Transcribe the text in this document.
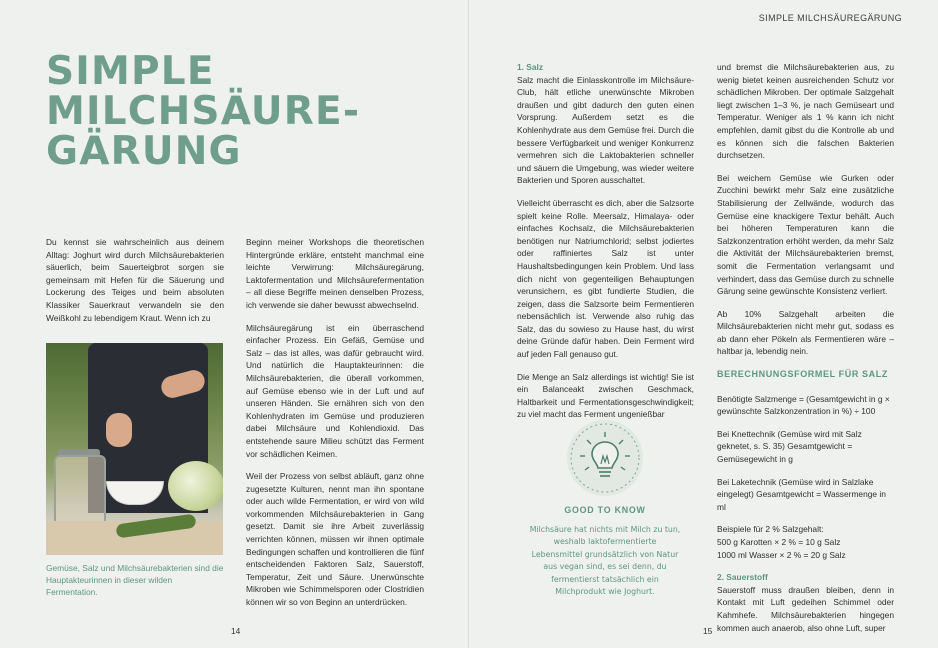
SIMPLE MILCHSÄUREGÄRUNG
SIMPLE
MILCHSÄURE-
GÄRUNG

Du kennst sie wahrscheinlich aus deinem Alltag: Joghurt wird durch Milchsäurebakterien säuerlich, beim Sauerteigbrot sorgen sie gemeinsam mit Hefen für die Säuerung und Lockerung des Teiges und beim absoluten Klassiker Sauerkraut verwandeln sie den Weißkohl zu lebendigem Kraut. Wenn ich zu

Gemüse, Salz und Milchsäurebakterien sind die Hauptakteurinnen in dieser wilden Fermentation.

Beginn meiner Workshops die theoretischen Hintergründe erkläre, entsteht manchmal eine leichte Verwirrung: Milchsäuregärung, Laktofermentation und Milchsäurefermentation – all diese Begriffe meinen denselben Prozess, ich verwende sie daher bewusst abwechselnd.

Milchsäuregärung ist ein überraschend einfacher Prozess. Ein Gefäß, Gemüse und Salz – das ist alles, was dafür gebraucht wird. Und natürlich die Hauptakteurinnen: die Milchsäurebakterien, die überall vorkommen, auf Gemüse ebenso wie in der Luft und auf unseren Händen. Sie ernähren sich von den Kohlenhydraten im Gemüse und produzieren dabei Milchsäure und Kohlendioxid. Das entstehende saure Milieu schützt das Ferment vor schädlichen Keimen.

Weil der Prozess von selbst abläuft, ganz ohne zugesetzte Kulturen, nennt man ihn spontane oder auch wilde Fermentation, er wird von wild vorkommenden Milchsäurebakterien in Gang gesetzt. Damit sie ihre Arbeit zuverlässig verrichten können, müssen wir ihnen optimale Bedingungen schaffen und kontrollieren die fünf entscheidenden Faktoren Salz, Sauerstoff, Temperatur, Zeit und Säure. Unerwünschte Mikroben wie Schimmelsporen oder Clostridien können wir so von Beginn an unterdrücken.

14
1. Salz

Salz macht die Einlasskontrolle im Milchsäure-Club, hält etliche unerwünschte Mikroben draußen und gibt dadurch den guten einen Vorsprung. Außerdem setzt es die Kohlenhydrate aus dem Gemüse frei. Durch die bessere Verfügbarkeit und weniger Konkurrenz vermehren sich die Laktobakterien schneller und säuern die Umgebung, was wieder weitere Bakterien und Sporen ausschaltet.

Vielleicht überrascht es dich, aber die Salzsorte spielt keine Rolle. Meersalz, Himalaya- oder einfaches Kochsalz, die Milchsäurebakterien benötigen nur Natriumchlorid; selbst jodiertes oder raffiniertes Salz ist unter Haushaltsbedingungen kein Problem. Und lass dich nicht von gegenteiligen Behauptungen verunsichern, es gibt fundierte Studien, die zeigen, dass die Salzsorte beim Fermentieren nebensächlich ist. Verwende also ruhig das Salz, das du sowieso zu Hause hast, du wirst deine Gründe dafür haben. Dein Ferment wird auf jeden Fall genauso gut.

Die Menge an Salz allerdings ist wichtig! Sie ist ein Balanceakt zwischen Geschmack, Haltbarkeit und Fermentationsgeschwindigkeit; zu viel macht das Ferment ungenießbar

GOOD TO KNOW

Milchsäure hat nichts mit Milch zu tun, weshalb laktofermentierte Lebensmittel grundsätzlich von Natur aus vegan sind, es sei denn, du fermentierst tatsächlich ein Milchprodukt wie Joghurt.

und bremst die Milchsäurebakterien aus, zu wenig bietet keinen ausreichenden Schutz vor schädlichen Mikroben. Der optimale Salzgehalt liegt zwischen 1–3 %, je nach Gemüseart und Temperatur. Weniger als 1 % kann ich nicht empfehlen, damit gibst du die Kontrolle ab und es können sich die falschen Bakterien durchsetzen.

Bei weichem Gemüse wie Gurken oder Zucchini bewirkt mehr Salz eine zusätzliche Stabilisierung der Zellwände, wodurch das Gemüse eine knackigere Textur behält. Auch bei höheren Temperaturen kann die Salzkonzentration erhöht werden, da mehr Salz die Aktivität der Milchsäurebakterien bremst, somit die Fermentation verlangsamt und verhindert, dass das Gemüse durch zu schnelle Gärung seine gewünschte Konsistenz verliert.

Ab 10% Salzgehalt arbeiten die Milchsäurebakterien nicht mehr gut, sodass es ab dann eher Pökeln als Fermentieren wäre – haltbar ja, lebendig nein.

BERECHNUNGSFORMEL FÜR SALZ

Benötigte Salzmenge = (Gesamtgewicht in g × gewünschte Salzkonzentration in %) ÷ 100

Bei Knettechnik (Gemüse wird mit Salz geknetet, s. S. 35) Gesamtgewicht = Gemüsegewicht in g

Bei Laketechnik (Gemüse wird in Salzlake eingelegt) Gesamtgewicht = Wassermenge in ml

Beispiele für 2 % Salzgehalt:
500 g Karotten × 2 % = 10 g Salz
1000 ml Wasser × 2 % = 20 g Salz

2. Sauerstoff

Sauerstoff muss draußen bleiben, denn in Kontakt mit Luft gedeihen Schimmel oder Kahmhefe. Milchsäurebakterien hingegen kommen auch anaerob, also ohne Luft, super

15
